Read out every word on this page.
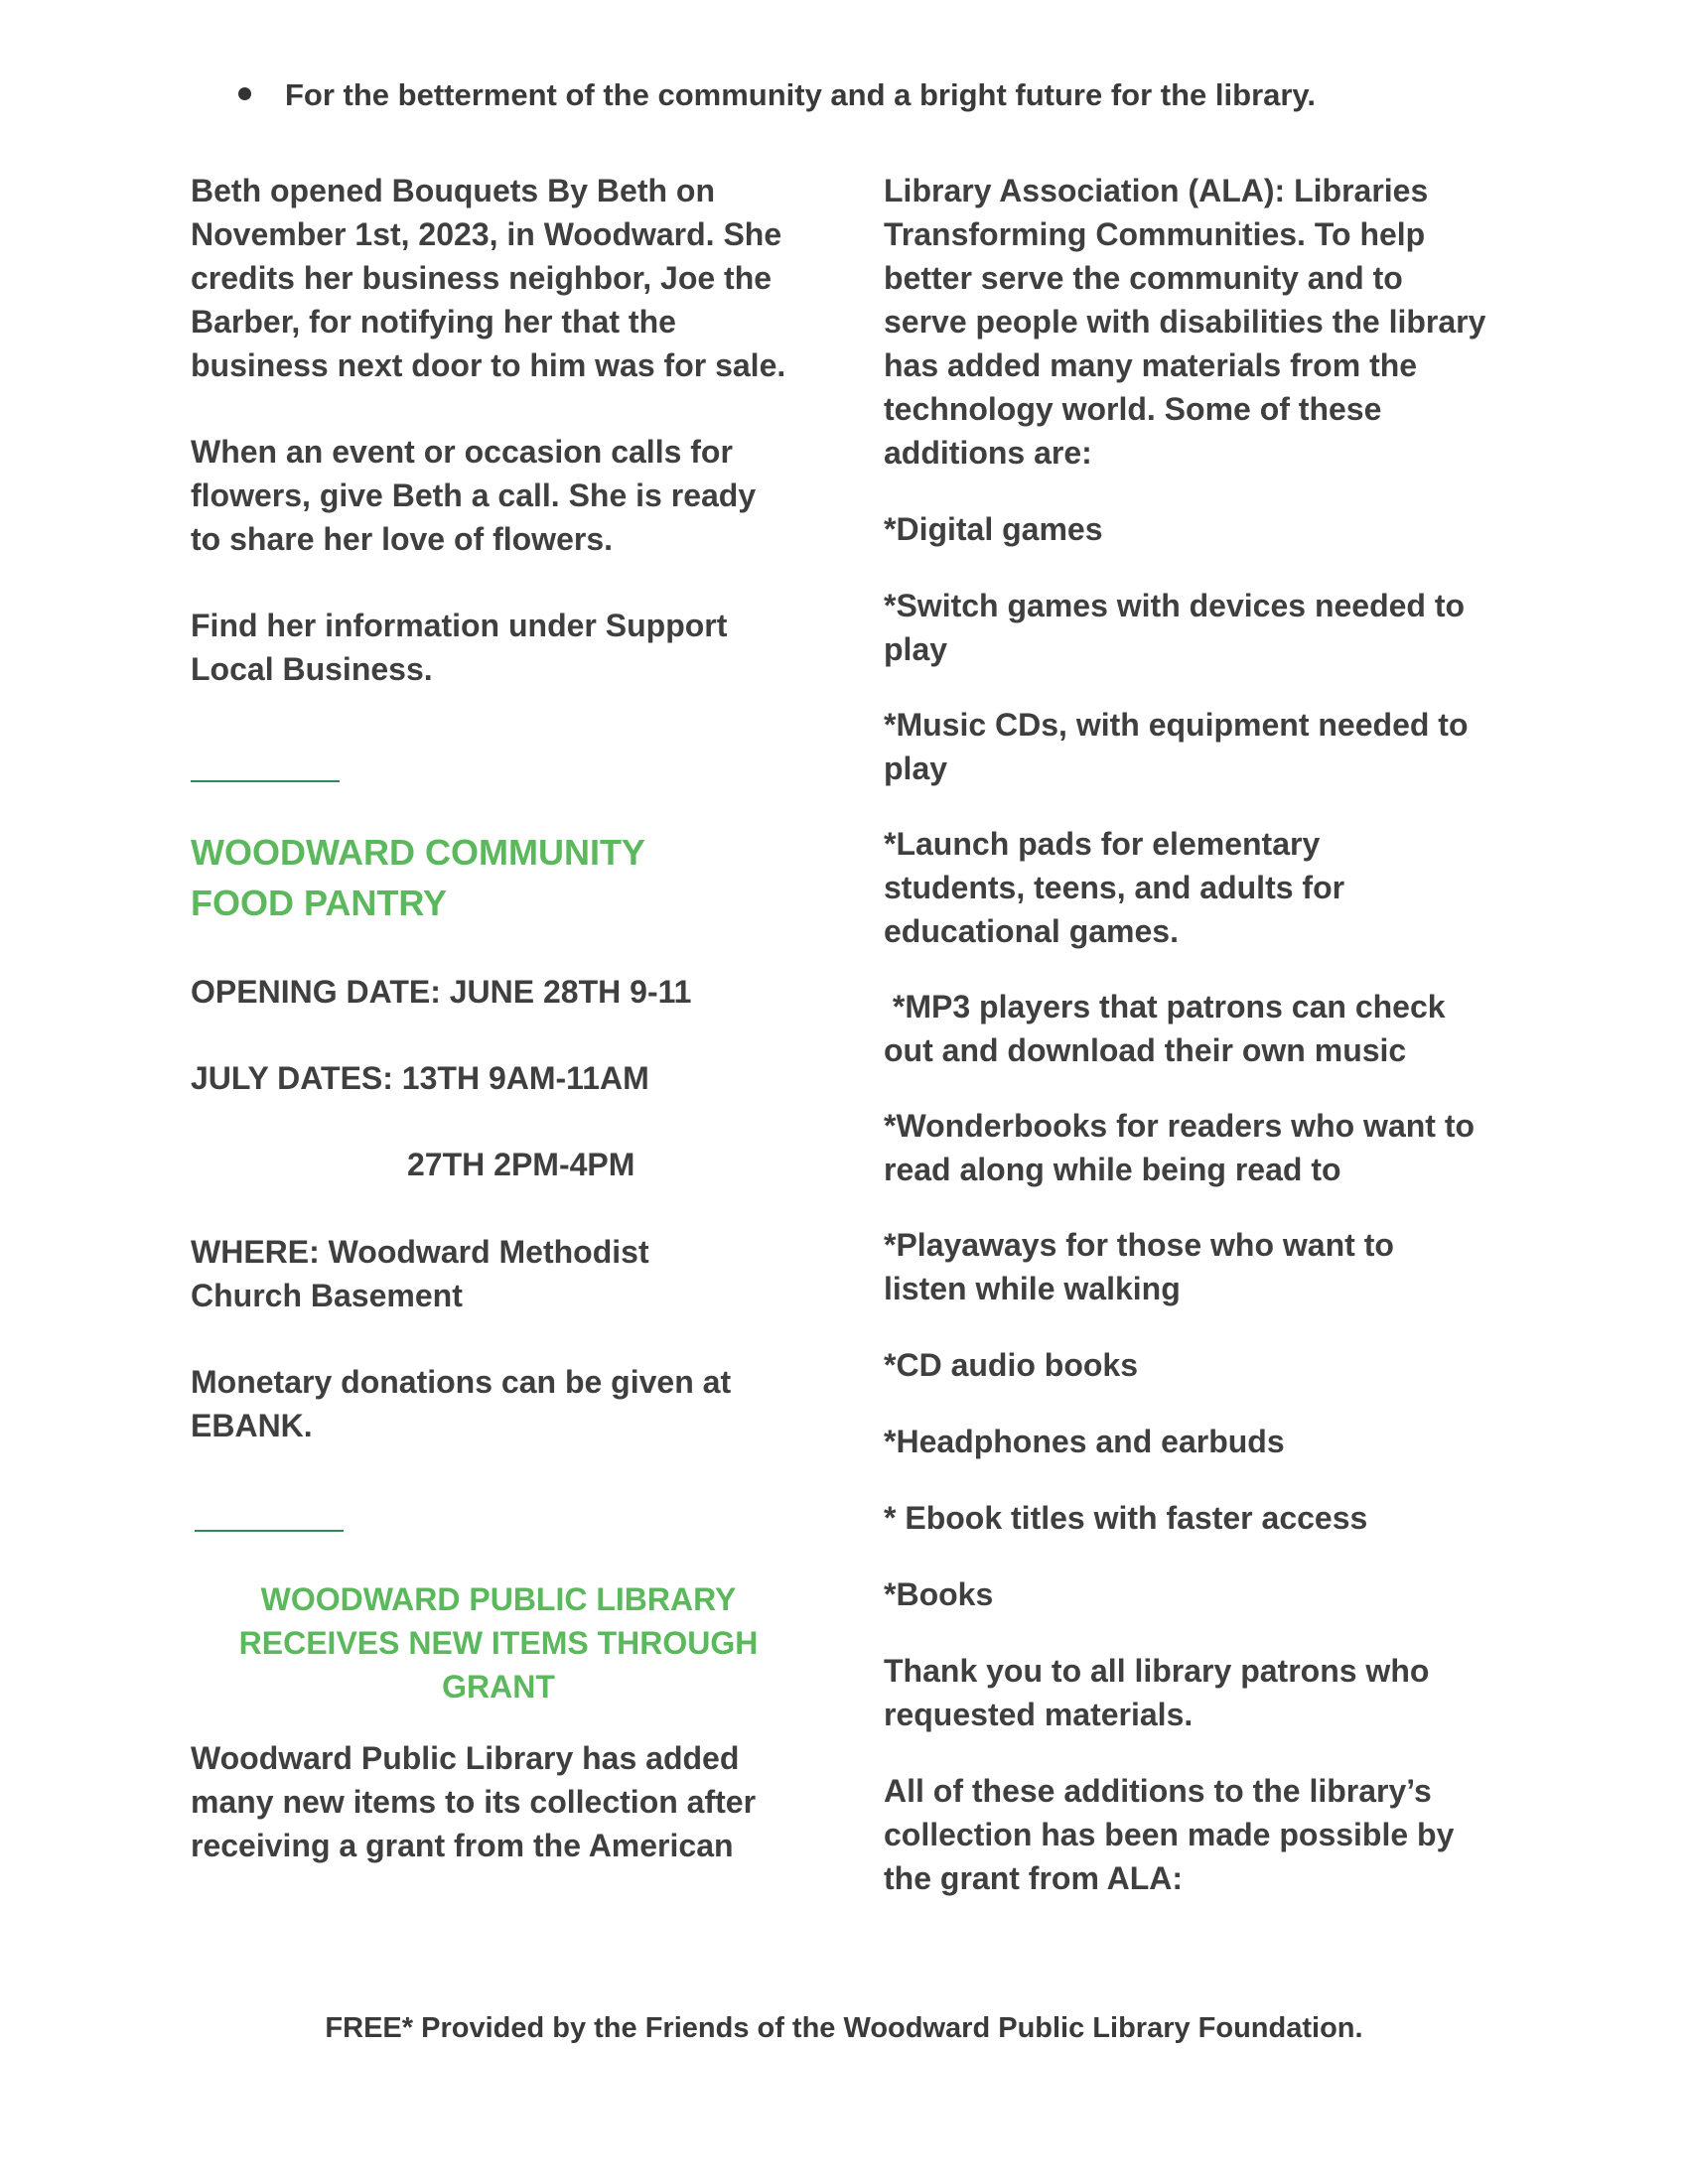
For the betterment of the community and a bright future for the library.

Beth opened Bouquets By Beth on November 1st, 2023, in Woodward. She credits her business neighbor, Joe the Barber, for notifying her that the business next door to him was for sale.

When an event or occasion calls for flowers, give Beth a call. She is ready to share her love of flowers.

Find her information under Support Local Business.

WOODWARD COMMUNITY

FOOD PANTRY

OPENING DATE: JUNE 28TH 9-11

JULY DATES: 13TH 9AM-11AM

27TH 2PM-4PM

WHERE: Woodward Methodist

Church Basement

Monetary donations can be given at EBANK.

WOODWARD PUBLIC LIBRARY

RECEIVES NEW ITEMS THROUGH

GRANT

Woodward Public Library has added many new items to its collection after receiving a grant from the American

Library Association (ALA): Libraries Transforming Communities. To help better serve the community and to serve people with disabilities the library has added many materials from the technology world. Some of these additions are:

*Digital games

*Switch games with devices needed to play

*Music CDs, with equipment needed to play

*Launch pads for elementary students, teens, and adults for educational games.

*MP3 players that patrons can check out and download their own music

*Wonderbooks for readers who want to read along while being read to

*Playaways for those who want to listen while walking

*CD audio books

*Headphones and earbuds

* Ebook titles with faster access

*Books

Thank you to all library patrons who requested materials.

All of these additions to the library’s collection has been made possible by the grant from ALA:

FREE* Provided by the Friends of the Woodward Public Library Foundation.
